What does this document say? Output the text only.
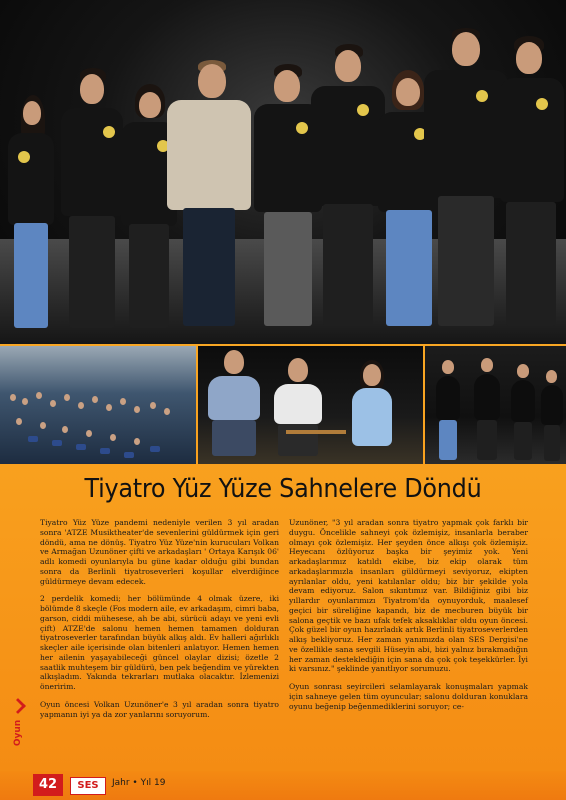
Tiyatro Yüz Yüze Sahnelere Döndü

Tiyatro Yüz Yüze pandemi nedeniyle verilen 3 yıl aradan sonra 'ATZE Musiktheater'de sevenlerini güldürmek için geri döndü, ama ne dönüş. Tiyatro Yüz Yüze'nin kurucuları Volkan ve Armağan Uzunöner çifti ve arkadaşları ' Ortaya Karışık 06' adlı komedi oyunlarıyla bu güne kadar olduğu gibi bundan sonra da Berlinli tiyatroseverleri koşullar elverdiğince güldürmeye devam edecek.

2 perdelik komedi; her bölümünde 4 olmak üzere, iki bölümde 8 skeçle (Fos modern aile, ev arkadaşım, cimri baba, garson, ciddi mühesese, ah be abi, sürücü adayı ve yeni evli çift) ATZE'de salonu hemen hemen tamamen dolduran tiyatroseverler tarafından büyük alkış aldı. Ev halleri ağırlıklı skeçler aile içerisinde olan bitenleri anlatıyor. Hemen hemen her ailenin yaşayabileceği güncel olaylar dizisi; özetle 2 saatlik muhteşem bir güldürü, ben pek beğendim ve yürekten alkışladım. Yakında tekrarları mutlaka olacaktır. İzlemenizi öneririm.

Oyun öncesi Volkan Uzunöner'e 3 yıl aradan sonra tiyatro yapmanın iyi ya da zor yanlarını soruyorum.

Uzunöner, "3 yıl aradan sonra tiyatro yapmak çok farklı bir duygu. Öncelikle sahneyi çok özlemişiz, insanlarla beraber olmayı çok özlemişiz. Her şeyden önce alkışı çok özlemişiz. Heyecanı özlüyoruz başka bir şeyimiz yok. Yeni arkadaşlarımız katıldı ekibe, biz ekip olarak tüm arkadaşlarımızla insanları güldürmeyi seviyoruz, ekipten ayrılanlar oldu, yeni katılanlar oldu; biz bir şekilde yola devam ediyoruz. Salon sıkıntımız var. Bildiğiniz gibi biz yıllardır oyunlarımızı Tiyatrom'da oynuyorduk, maalesef geçici bir süreliğine kapandı, biz de mecburen büyük bir salona geçtik ve bazı ufak tefek aksaklıklar oldu oyun öncesi. Çok güzel bir oyun hazırladık artık Berlinli tiyatroseverlerden alkış bekliyoruz. Her zaman yanımızda olan SES Dergisi'ne ve özellikle sana sevgili Hüseyin abi, bizi yalnız bırakmadığın her zaman desteklediğin için sana da çok çok teşekkürler. İyi ki varsınız." şeklinde yanıtlıyor sorumuzu.

Oyun sonrası seyircileri selamlayarak konuşmaları yapmak için sahneye gelen tüm oyuncular; salonu dolduran konuklara oyunu beğenip beğenmediklerini soruyor; ce-

Oyun
42	SES	Jahr • Yıl 19
